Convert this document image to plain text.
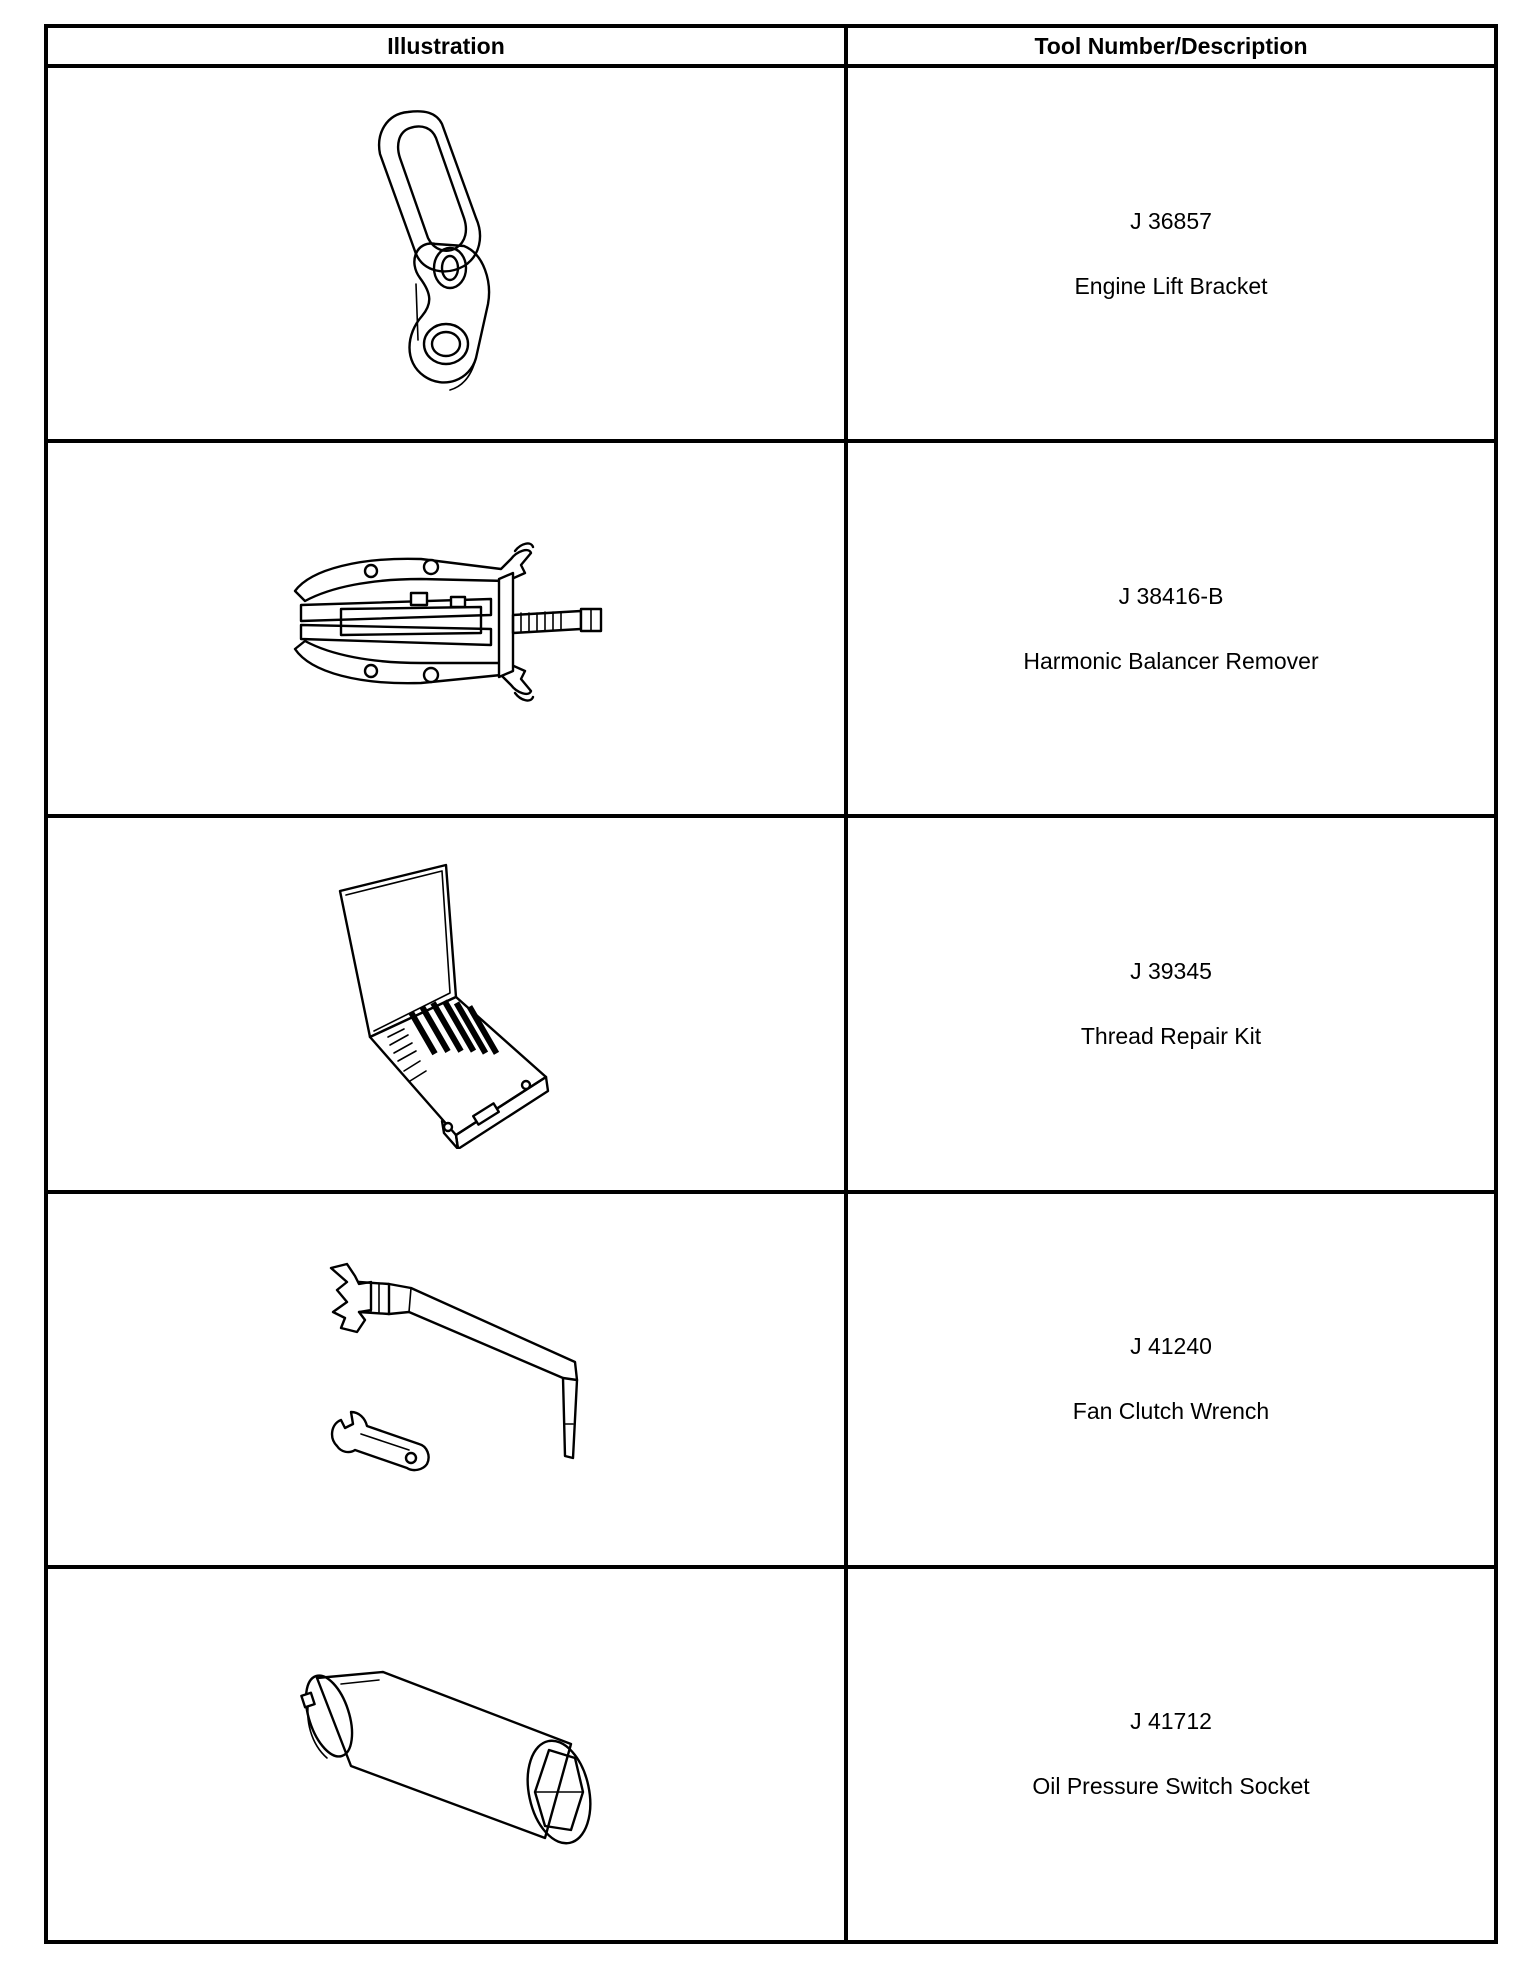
Illustration	Tool Number/Description

J 36857
Engine Lift Bracket

J 38416-B
Harmonic Balancer Remover

J 39345
Thread Repair Kit

J 41240
Fan Clutch Wrench

J 41712
Oil Pressure Switch Socket
